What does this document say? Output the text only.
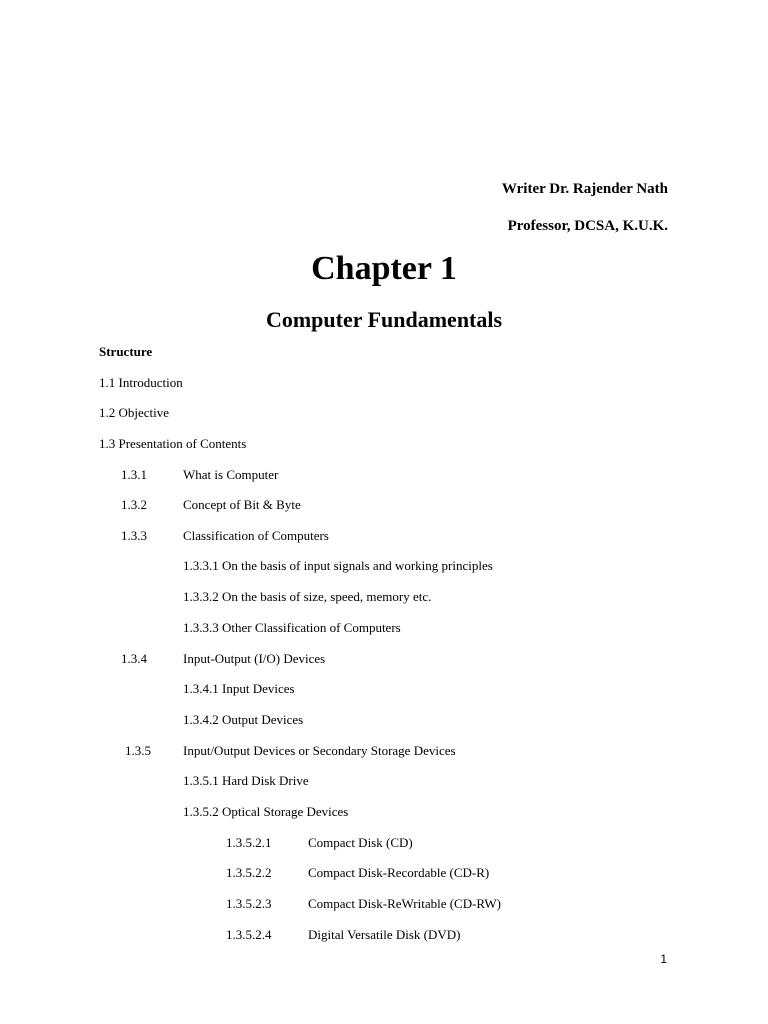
Writer Dr. Rajender Nath
Professor, DCSA, K.U.K.
Chapter 1
Computer Fundamentals
Structure
1.1 Introduction
1.2 Objective
1.3 Presentation of Contents
1.3.1	What is Computer
1.3.2	Concept of Bit & Byte
1.3.3	Classification of Computers
1.3.3.1 On the basis of input signals and working principles
1.3.3.2 On the basis of size, speed, memory etc.
1.3.3.3 Other Classification of Computers
1.3.4	Input-Output (I/O) Devices
1.3.4.1 Input Devices
1.3.4.2 Output Devices
1.3.5 Input/Output Devices or Secondary Storage Devices
1.3.5.1 Hard Disk Drive
1.3.5.2 Optical Storage Devices
1.3.5.2.1	Compact Disk (CD)
1.3.5.2.2	Compact Disk-Recordable (CD-R)
1.3.5.2.3	Compact Disk-ReWritable (CD-RW)
1.3.5.2.4	Digital Versatile Disk (DVD)
1
